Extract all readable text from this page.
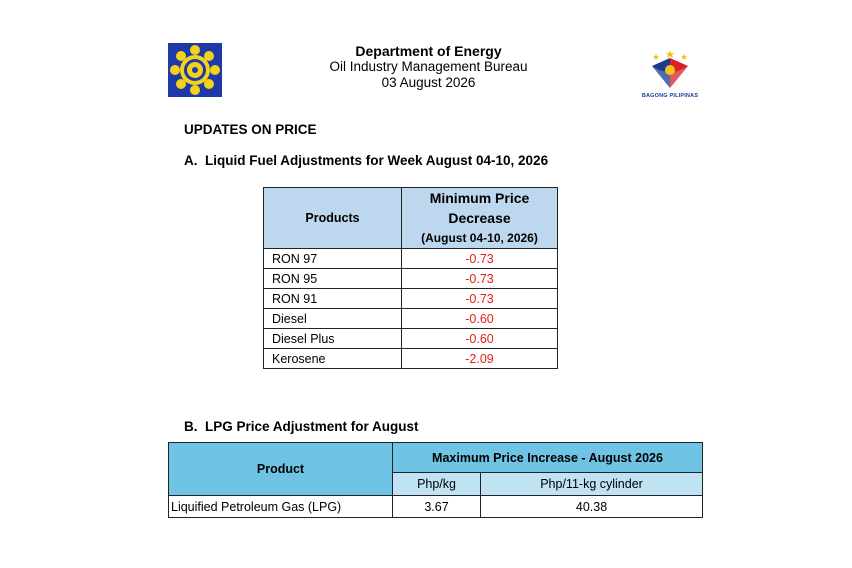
Department of Energy
Oil Industry Management Bureau
03 August 2026
BAGONG PILIPINAS
UPDATES ON PRICE
A.  Liquid Fuel Adjustments for Week August 04-10, 2026
Products	Minimum Price
Decrease
(August 04-10, 2026)

RON 97	-0.73
RON 95	-0.73
RON 91	-0.73
Diesel	-0.60
Diesel Plus	-0.60
Kerosene	-2.09
B.  LPG Price Adjustment for August
Product	Maximum Price Increase - August 2026	
	Php/kg	Php/11-kg cylinder
Liquified Petroleum Gas (LPG)	3.67	40.38
